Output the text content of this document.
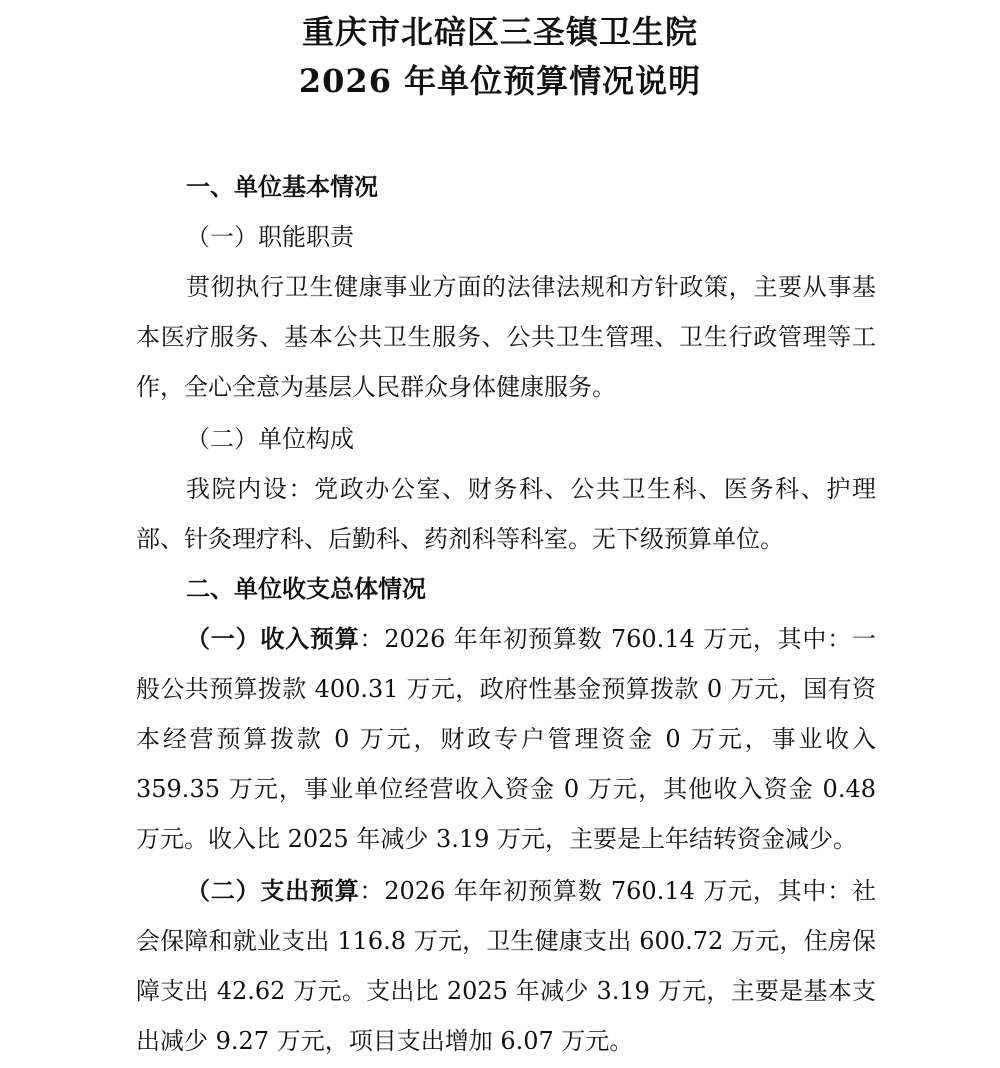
重庆市北碚区三圣镇卫生院
2026 年单位预算情况说明
一、单位基本情况
（一）职能职责

贯彻执行卫生健康事业方面的法律法规和方针政策，主要从事基本医疗服务、基本公共卫生服务、公共卫生管理、卫生行政管理等工作，全心全意为基层人民群众身体健康服务。

（二）单位构成

我院内设：党政办公室、财务科、公共卫生科、医务科、护理部、针灸理疗科、后勤科、药剂科等科室。无下级预算单位。

二、单位收支总体情况

（一）收入预算：2026 年年初预算数 760.14 万元，其中：一般公共预算拨款 400.31 万元，政府性基金预算拨款 0 万元，国有资本经营预算拨款 0 万元，财政专户管理资金 0 万元，事业收入 359.35 万元，事业单位经营收入资金 0 万元，其他收入资金 0.48 万元。收入比 2025 年减少 3.19 万元，主要是上年结转资金减少。

（二）支出预算：2026 年年初预算数 760.14 万元，其中：社会保障和就业支出 116.8 万元，卫生健康支出 600.72 万元，住房保障支出 42.62 万元。支出比 2025 年减少 3.19 万元，主要是基本支出减少 9.27 万元，项目支出增加 6.07 万元。
